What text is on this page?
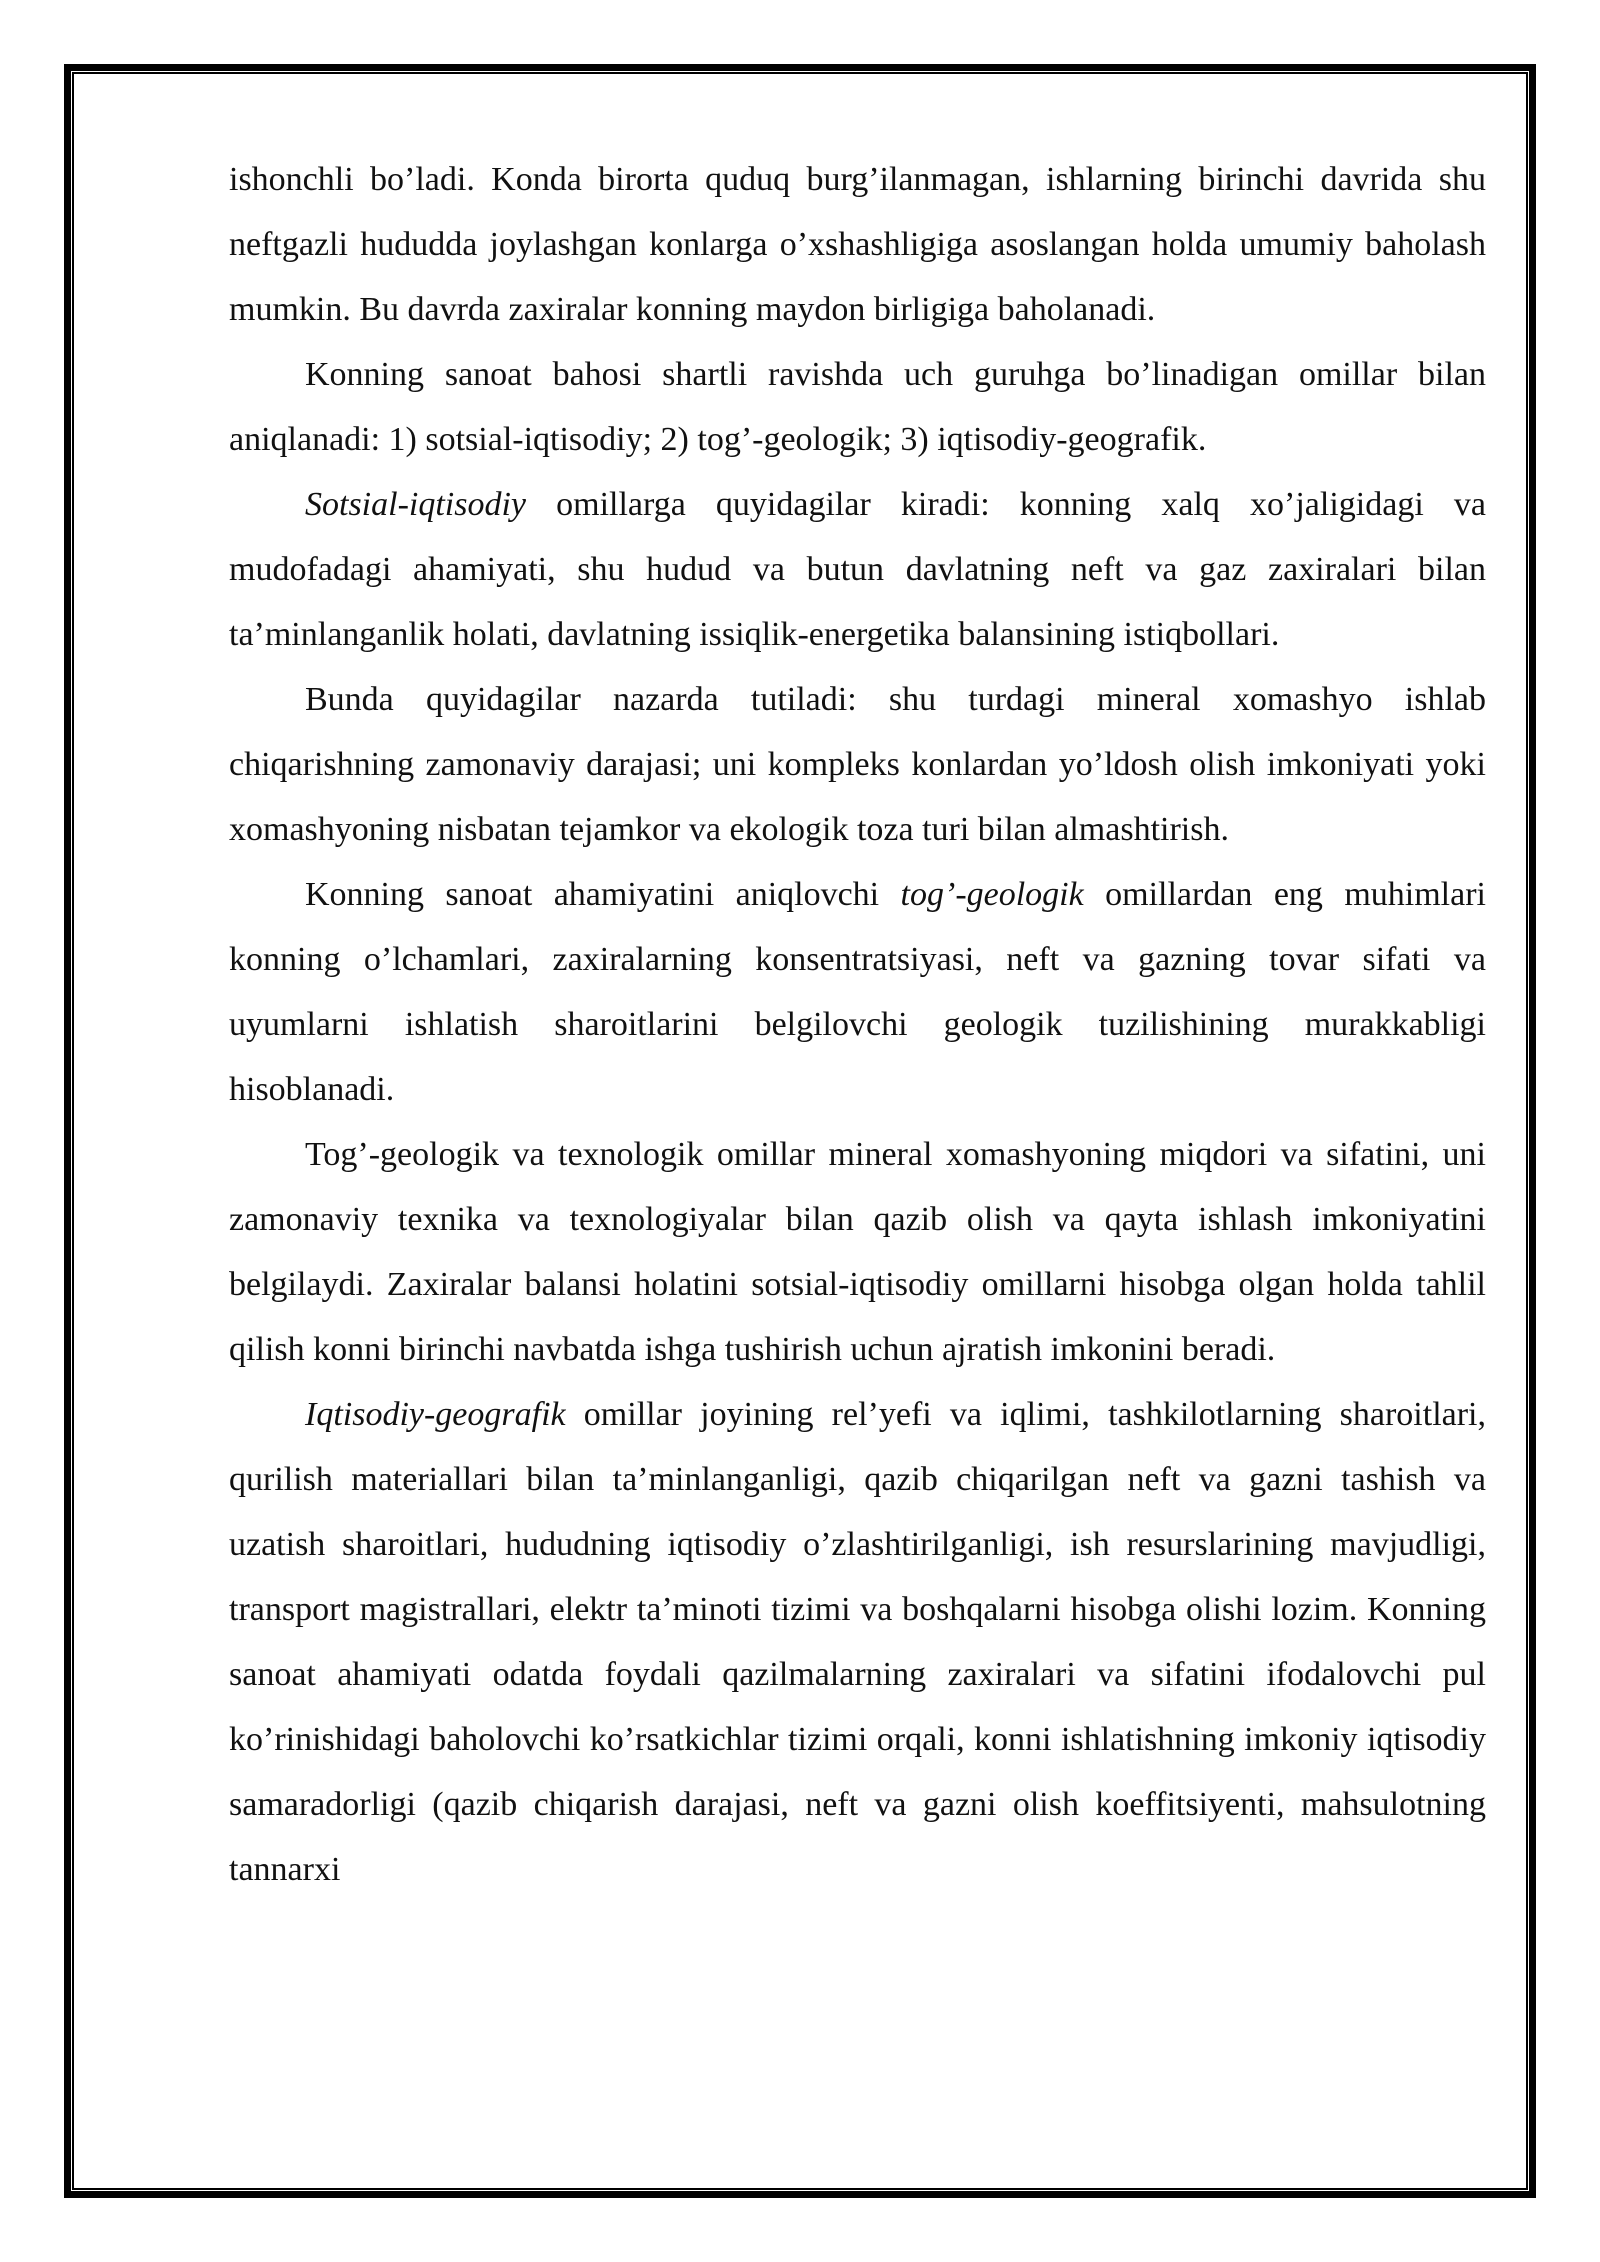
ishonchli bo’ladi. Konda birorta quduq burg’ilanmagan, ishlarning birinchi davrida shu neftgazli hududda joylashgan konlarga o’xshashligiga asoslangan holda umumiy baholash mumkin. Bu davrda zaxiralar konning maydon birligiga baholanadi.

Konning sanoat bahosi shartli ravishda uch guruhga bo’linadigan omillar bilan aniqlanadi: 1) sotsial-iqtisodiy; 2) tog’-geologik; 3) iqtisodiy-geografik.

Sotsial-iqtisodiy omillarga quyidagilar kiradi: konning xalq xo’jaligidagi va mudofadagi ahamiyati, shu hudud va butun davlatning neft va gaz zaxiralari bilan ta’minlanganlik holati, davlatning issiqlik-energetika balansining istiqbollari.

Bunda quyidagilar nazarda tutiladi: shu turdagi mineral xomashyo ishlab chiqarishning zamonaviy darajasi; uni kompleks konlardan yo’ldosh olish imkoniyati yoki xomashyoning nisbatan tejamkor va ekologik toza turi bilan almashtirish.

Konning sanoat ahamiyatini aniqlovchi tog’-geologik omillardan eng muhimlari konning o’lchamlari, zaxiralarning konsentratsiyasi, neft va gazning tovar sifati va uyumlarni ishlatish sharoitlarini belgilovchi geologik tuzilishining murakkabligi hisoblanadi.

Tog’-geologik va texnologik omillar mineral xomashyoning miqdori va sifatini, uni zamonaviy texnika va texnologiyalar bilan qazib olish va qayta ishlash imkoniyatini belgilaydi. Zaxiralar balansi holatini sotsial-iqtisodiy omillarni hisobga olgan holda tahlil qilish konni birinchi navbatda ishga tushirish uchun ajratish imkonini beradi.

Iqtisodiy-geografik omillar joyining rel’yefi va iqlimi, tashkilotlarning sharoitlari, qurilish materiallari bilan ta’minlanganligi, qazib chiqarilgan neft va gazni tashish va uzatish sharoitlari, hududning iqtisodiy o’zlashtirilganligi, ish resurslarining mavjudligi, transport magistrallari, elektr ta’minoti tizimi va boshqalarni hisobga olishi lozim. Konning sanoat ahamiyati odatda foydali qazilmalarning zaxiralari va sifatini ifodalovchi pul ko’rinishidagi baholovchi ko’rsatkichlar tizimi orqali, konni ishlatishning imkoniy iqtisodiy samaradorligi (qazib chiqarish darajasi, neft va gazni olish koeffitsiyenti, mahsulotning tannarxi
